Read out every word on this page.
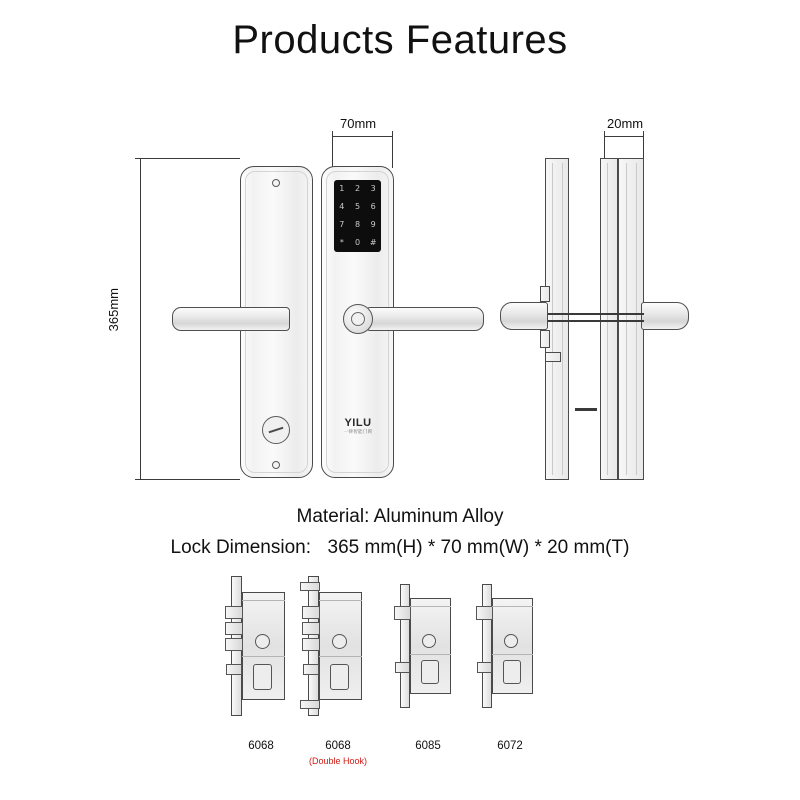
Products Features
70mm	20mm
365mm
1 2 3
4 5 6
7 8 9
* 0 #
YILU
一律智能门锁
Material: Aluminum Alloy
Lock Dimension: 365 mm(H) * 70 mm(W) * 20 mm(T)
6068	6068
(Double Hook)
6085	6072
